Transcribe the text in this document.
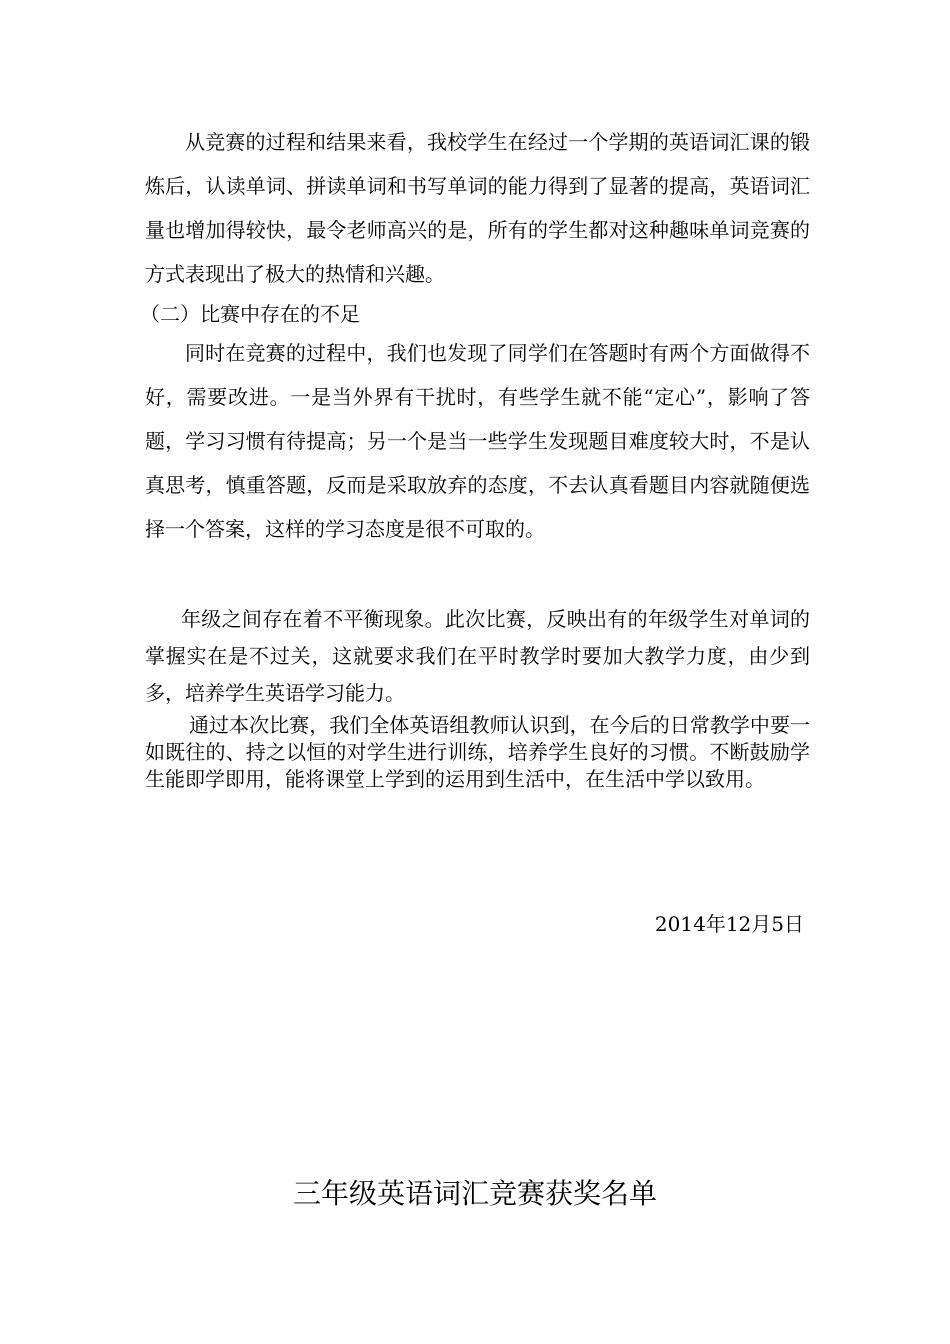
从竞赛的过程和结果来看，我校学生在经过一个学期的英语词汇课的锻炼后，认读单词、拼读单词和书写单词的能力得到了显著的提高，英语词汇量也增加得较快，最令老师高兴的是，所有的学生都对这种趣味单词竞赛的方式表现出了极大的热情和兴趣。

（二）比赛中存在的不足

同时在竞赛的过程中，我们也发现了同学们在答题时有两个方面做得不好，需要改进。一是当外界有干扰时，有些学生就不能“定心”，影响了答题，学习习惯有待提高；另一个是当一些学生发现题目难度较大时，不是认真思考，慎重答题，反而是采取放弃的态度，不去认真看题目内容就随便选择一个答案，这样的学习态度是很不可取的。

年级之间存在着不平衡现象。此次比赛，反映出有的年级学生对单词的掌握实在是不过关，这就要求我们在平时教学时要加大教学力度，由少到多，培养学生英语学习能力。

通过本次比赛，我们全体英语组教师认识到，在今后的日常教学中要一如既往的、持之以恒的对学生进行训练，培养学生良好的习惯。不断鼓励学生能即学即用，能将课堂上学到的运用到生活中，在生活中学以致用。

2014年12月5日

三年级英语词汇竞赛获奖名单
